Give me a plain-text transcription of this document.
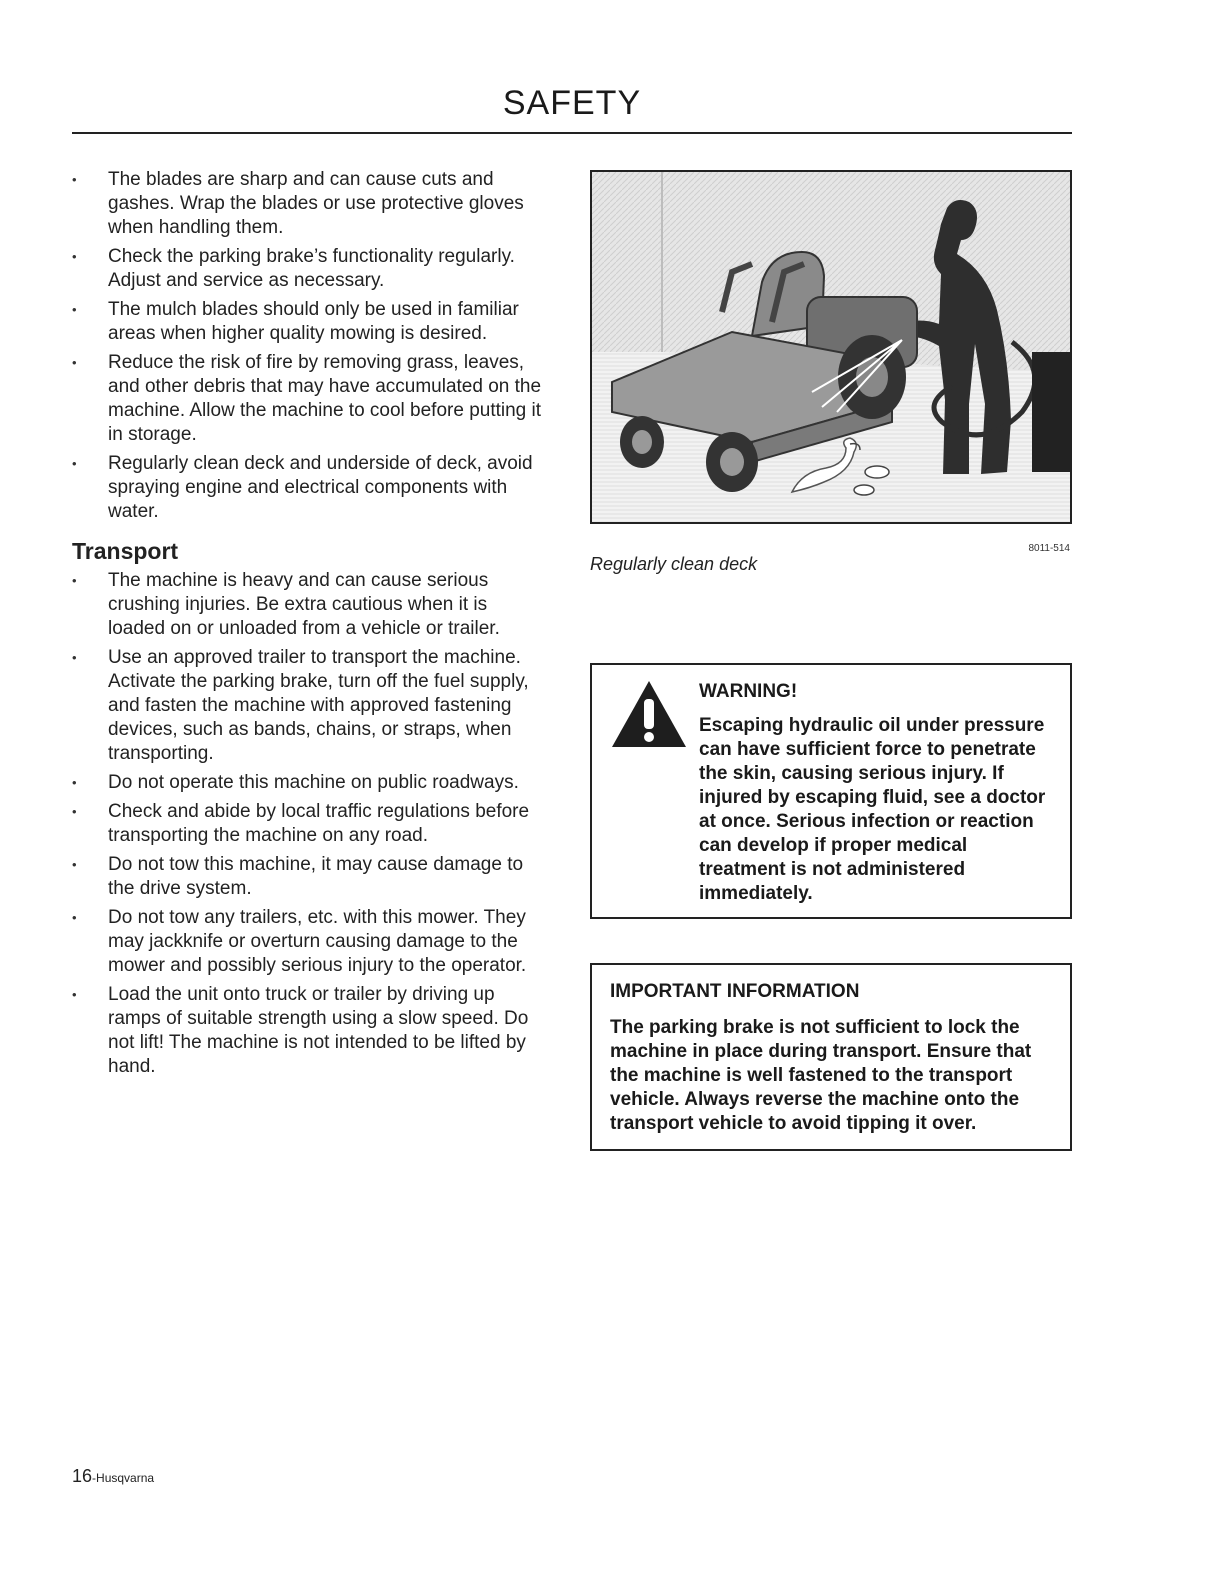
SAFETY
• The blades are sharp and can cause cuts and gashes. Wrap the blades or use protective gloves when handling them.
• Check the parking brake’s functionality regularly. Adjust and service as necessary.
• The mulch blades should only be used in familiar areas when higher quality mowing is desired.
• Reduce the risk of fire by removing grass, leaves, and other debris that may have accumulated on the machine. Allow the machine to cool before putting it in storage.
• Regularly clean deck and underside of deck, avoid spraying engine and electrical components with water.
Transport
• The machine is heavy and can cause serious crushing injuries. Be extra cautious when it is loaded on or unloaded from a vehicle or trailer.
• Use an approved trailer to transport the machine. Activate the parking brake, turn off the fuel supply, and fasten the machine with approved fastening devices, such as bands, chains, or straps, when transporting.
• Do not operate this machine on public roadways.
• Check and abide by local traffic regulations before transporting the machine on any road.
• Do not tow this machine, it may cause damage to the drive system.
• Do not tow any trailers, etc. with this mower. They may jackknife or overturn causing damage to the mower and possibly serious injury to the operator.
• Load the unit onto truck or trailer by driving up ramps of suitable strength using a slow speed. Do not lift! The machine is not intended to be lifted by hand.
8011-514
Regularly clean deck
WARNING!
Escaping hydraulic oil under pressure can have sufficient force to penetrate the skin, causing serious injury. If injured by escaping fluid, see a doctor at once. Serious infection or reaction can develop if proper medical treatment is not administered immediately.
IMPORTANT INFORMATION
The parking brake is not sufficient to lock the machine in place during transport. Ensure that the machine is well fastened to the transport vehicle. Always reverse the machine onto the transport vehicle to avoid tipping it over.
16-Husqvarna
